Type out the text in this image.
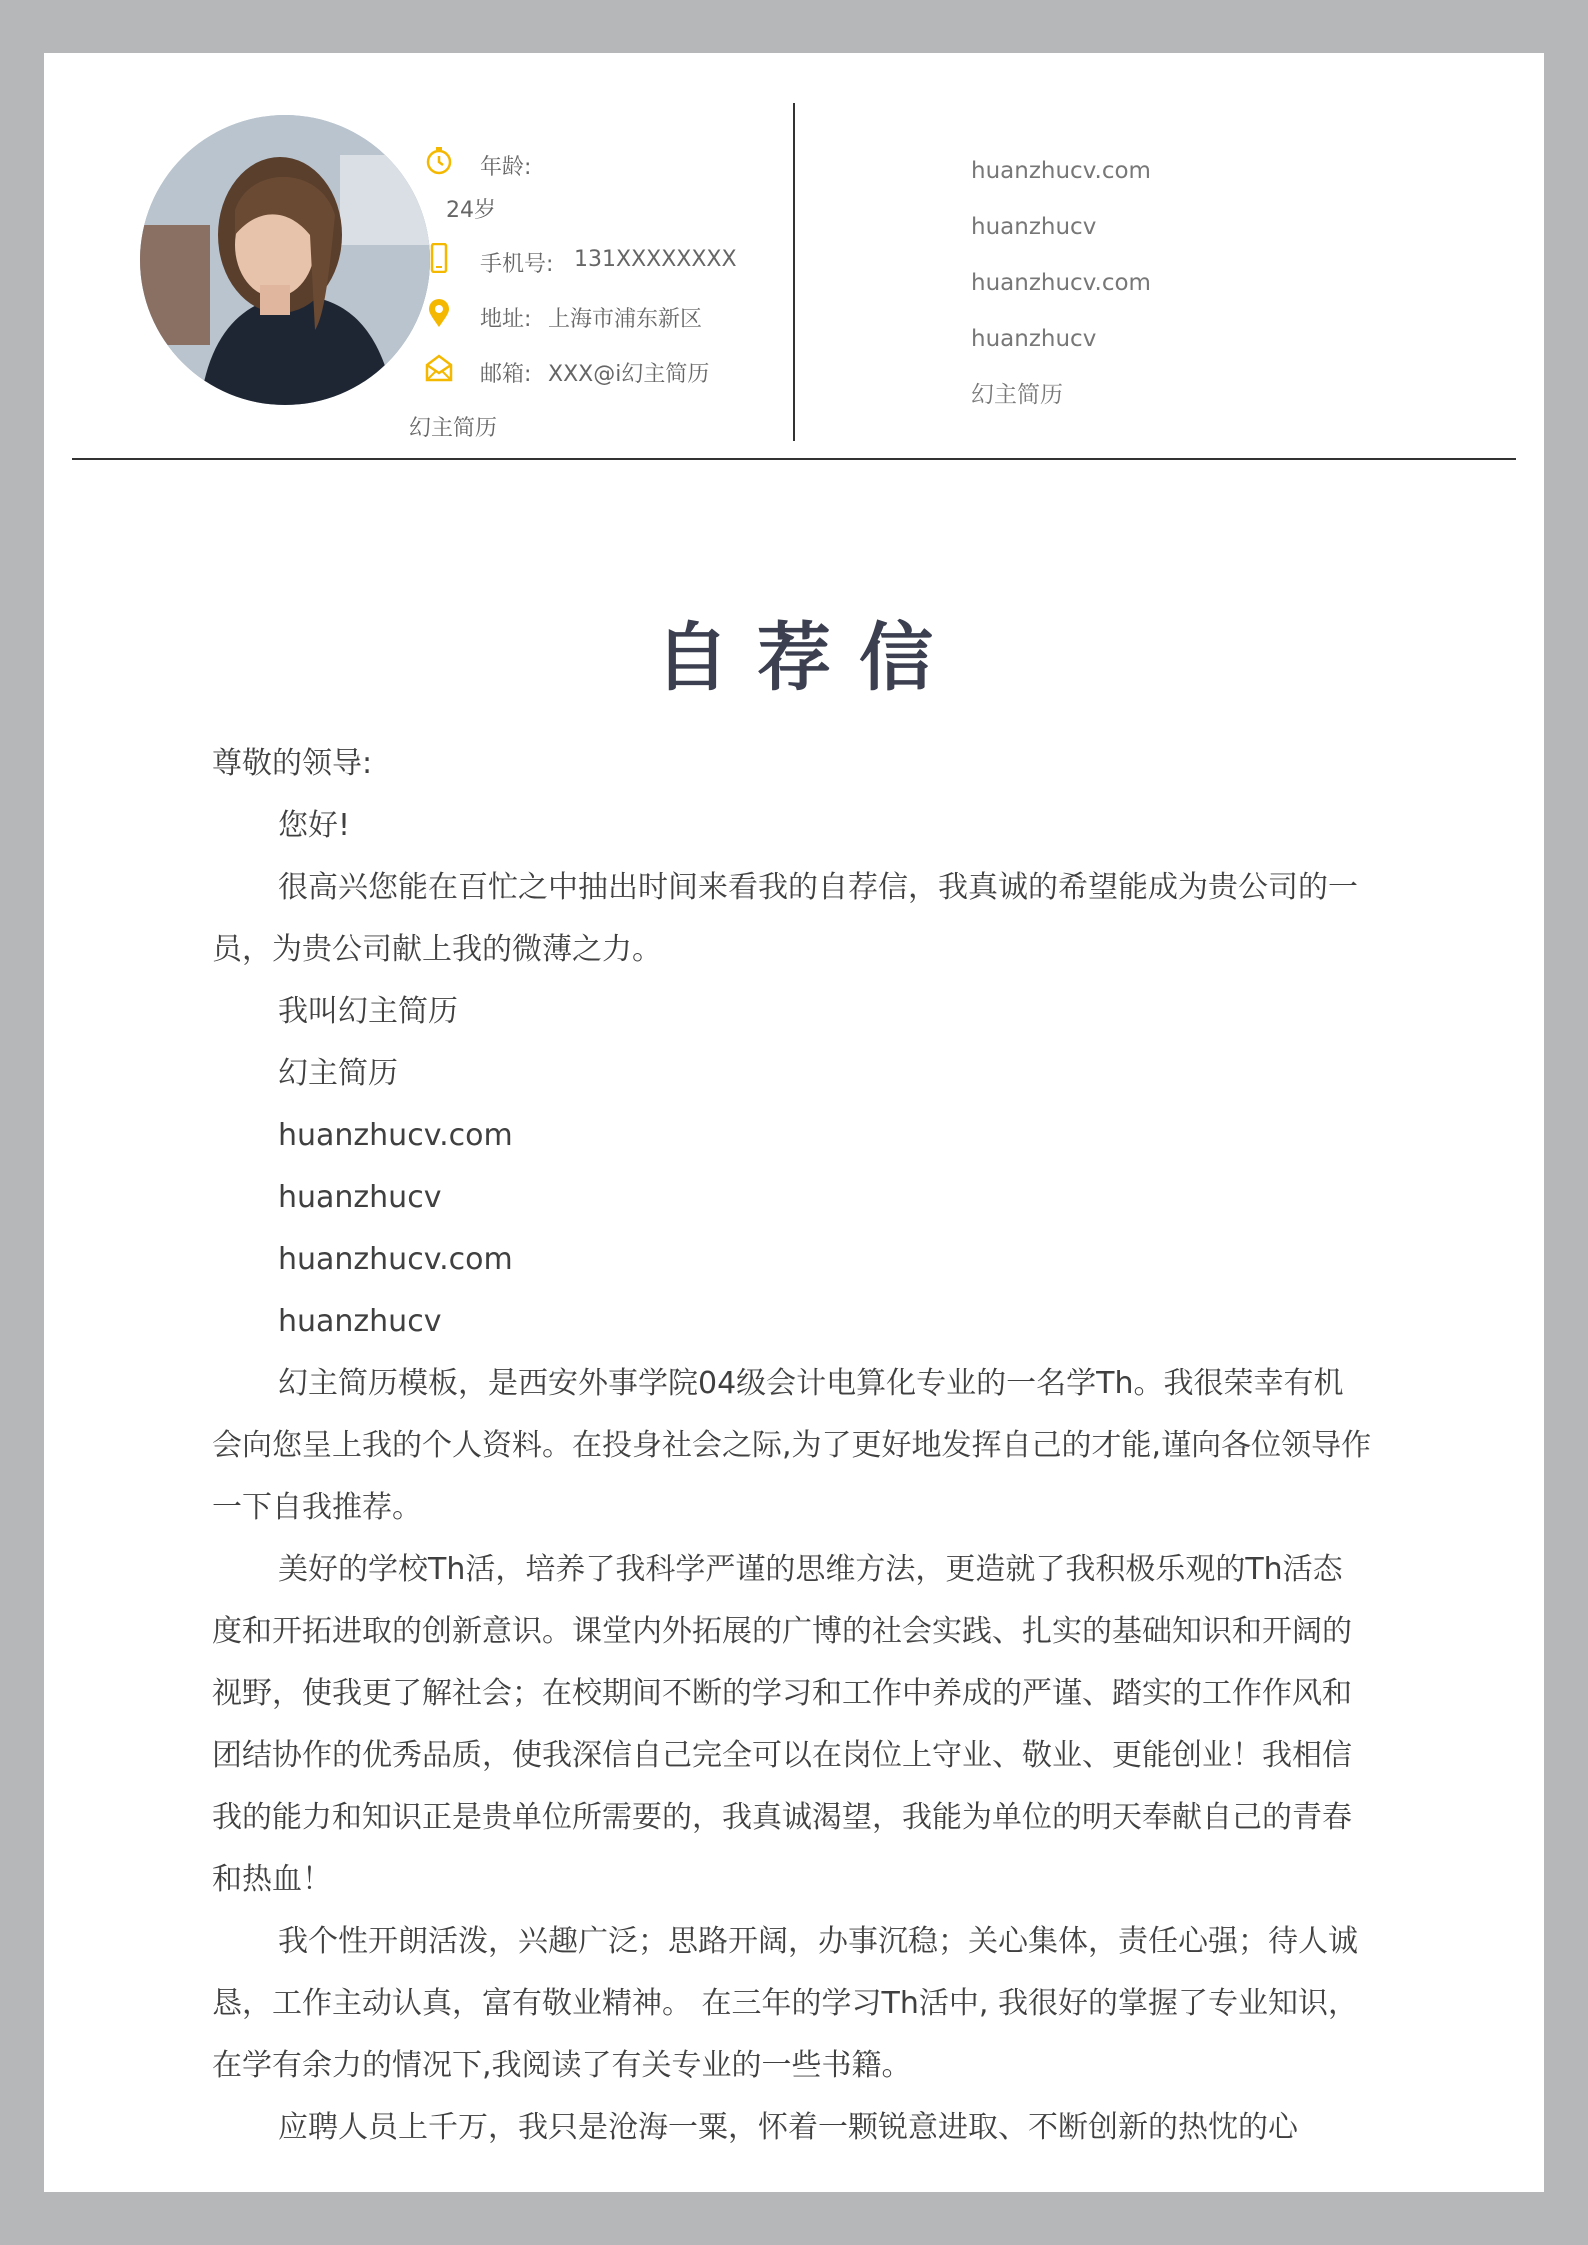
年龄:
24岁
手机号: 131XXXXXXXX
地址: 上海市浦东新区
邮箱: XXX@i幻主简历
幻主简历
huanzhucv.com
huanzhucv
huanzhucv.com
huanzhucv
幻主简历
自荐信

尊敬的领导:

您好!

很高兴您能在百忙之中抽出时间来看我的自荐信，我真诚的希望能成为贵公司的一员，为贵公司献上我的微薄之力。

我叫幻主简历

幻主简历

huanzhucv.com

huanzhucv

huanzhucv.com

huanzhucv

幻主简历模板，是西安外事学院04级会计电算化专业的一名学Th。我很荣幸有机会向您呈上我的个人资料。在投身社会之际,为了更好地发挥自己的才能,谨向各位领导作一下自我推荐。

美好的学校Th活，培养了我科学严谨的思维方法，更造就了我积极乐观的Th活态度和开拓进取的创新意识。课堂内外拓展的广博的社会实践、扎实的基础知识和开阔的视野，使我更了解社会；在校期间不断的学习和工作中养成的严谨、踏实的工作作风和团结协作的优秀品质，使我深信自己完全可以在岗位上守业、敬业、更能创业！我相信我的能力和知识正是贵单位所需要的，我真诚渴望，我能为单位的明天奉献自己的青春和热血！

我个性开朗活泼，兴趣广泛；思路开阔，办事沉稳；关心集体，责任心强；待人诚恳，工作主动认真，富有敬业精神。 在三年的学习Th活中, 我很好的掌握了专业知识，在学有余力的情况下,我阅读了有关专业的一些书籍。

应聘人员上千万，我只是沧海一粟，怀着一颗锐意进取、不断创新的热忱的心
